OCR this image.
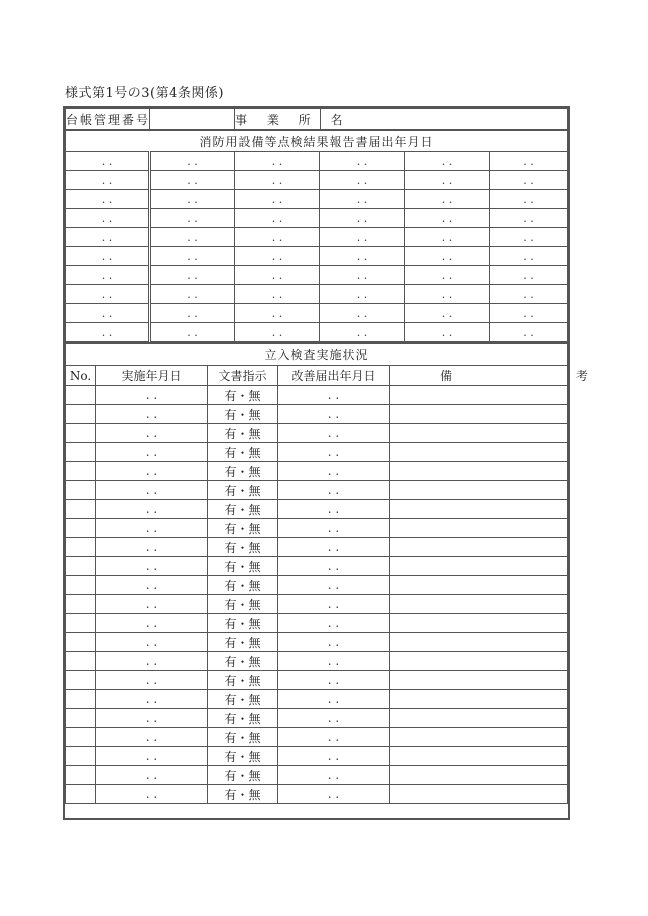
様式第1号の3(第4条関係)
台帳管理番号		事 業 所 名	
消防用設備等点検結果報告書届出年月日					
. .	. .	. .	. .	. .	. .
. .	. .	. .	. .	. .	. .
. .	. .	. .	. .	. .	. .
. .	. .	. .	. .	. .	. .
. .	. .	. .	. .	. .	. .
. .	. .	. .	. .	. .	. .
. .	. .	. .	. .	. .	. .
. .	. .	. .	. .	. .	. .
. .	. .	. .	. .	. .	. .
. .	. .	. .	. .	. .	. .
立入検査実施状況				
No.	実施年月日	文書指示	改善届出年月日	備 考
	. .	有・無	. .	
	. .	有・無	. .	
	. .	有・無	. .	
	. .	有・無	. .	
	. .	有・無	. .	
	. .	有・無	. .	
	. .	有・無	. .	
	. .	有・無	. .	
	. .	有・無	. .	
	. .	有・無	. .	
	. .	有・無	. .	
	. .	有・無	. .	
	. .	有・無	. .	
	. .	有・無	. .	
	. .	有・無	. .	
	. .	有・無	. .	
	. .	有・無	. .	
	. .	有・無	. .	
	. .	有・無	. .	
	. .	有・無	. .	
	. .	有・無	. .	
	. .	有・無	. .	
